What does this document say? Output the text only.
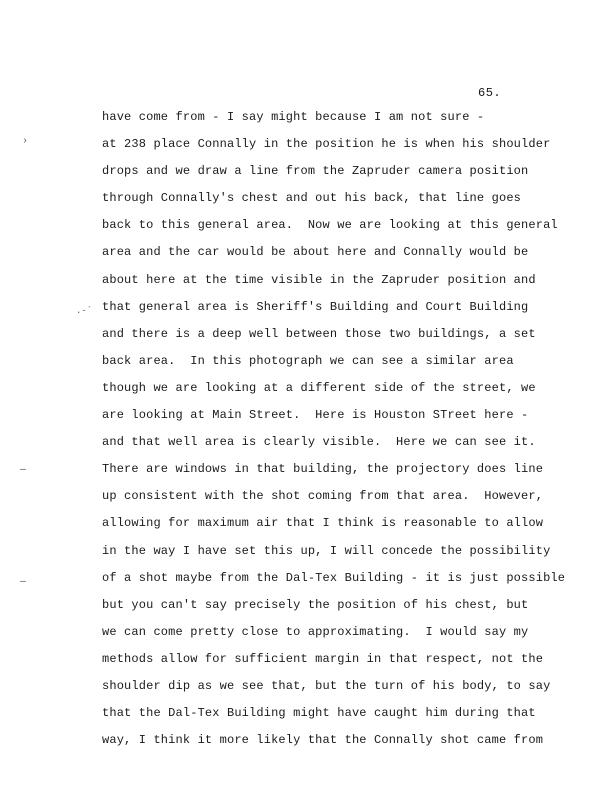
65.
›
.-´
—
—
have come from - I say might because I am not sure -
at 238 place Connally in the position he is when his shoulder
drops and we draw a line from the Zapruder camera position
through Connally's chest and out his back, that line goes
back to this general area.  Now we are looking at this general
area and the car would be about here and Connally would be
about here at the time visible in the Zapruder position and
that general area is Sheriff's Building and Court Building
and there is a deep well between those two buildings, a set
back area.  In this photograph we can see a similar area
though we are looking at a different side of the street, we
are looking at Main Street.  Here is Houston STreet here -
and that well area is clearly visible.  Here we can see it.
There are windows in that building, the projectory does line
up consistent with the shot coming from that area.  However,
allowing for maximum air that I think is reasonable to allow
in the way I have set this up, I will concede the possibility
of a shot maybe from the Dal-Tex Building - it is just possible
but you can't say precisely the position of his chest, but
we can come pretty close to approximating.  I would say my
methods allow for sufficient margin in that respect, not the
shoulder dip as we see that, but the turn of his body, to say
that the Dal-Tex Building might have caught him during that
way, I think it more likely that the Connally shot came from
